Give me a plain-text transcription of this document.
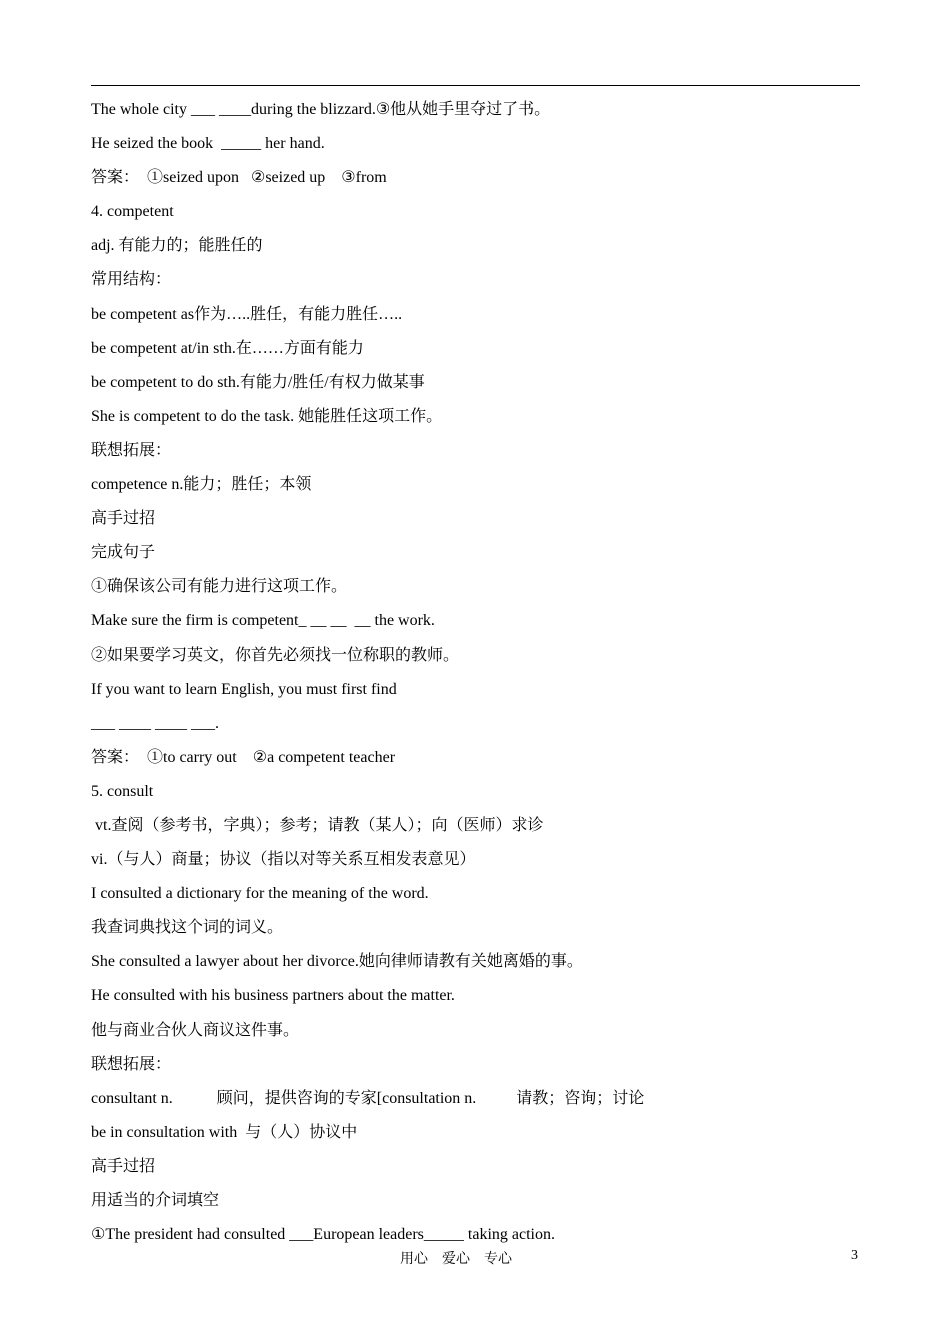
The whole city ___ ____during the blizzard.③他从她手里夺过了书。
He seized the book  _____ her hand.
答案：  ①seized upon   ②seized up    ③from
4. competent
adj. 有能力的；能胜任的
常用结构：
be competent as作为…..胜任，有能力胜任…..
be competent at/in sth.在……方面有能力
be competent to do sth.有能力/胜任/有权力做某事
She is competent to do the task. 她能胜任这项工作。
联想拓展：
competence n.能力；胜任；本领
高手过招
完成句子
①确保该公司有能力进行这项工作。
Make sure the firm is competent_ __ __  __ the work.
②如果要学习英文，你首先必须找一位称职的教师。
If you want to learn English, you must first find
___ ____ ____ ___.
答案：  ①to carry out    ②a competent teacher
5. consult
vt.查阅（参考书，字典）；参考；请教（某人）；向（医师）求诊
vi.（与人）商量；协议（指以对等关系互相发表意见）
I consulted a dictionary for the meaning of the word.
我查词典找这个词的词义。
She consulted a lawyer about her divorce.她向律师请教有关她离婚的事。
He consulted with his business partners about the matter.
他与商业合伙人商议这件事。
联想拓展：
consultant n.           顾问，提供咨询的专家[consultation n.          请教；咨询；讨论
be in consultation with  与（人）协议中
高手过招
用适当的介词填空
①The president had consulted ___European leaders_____ taking action.
用心    爱心    专心	3
